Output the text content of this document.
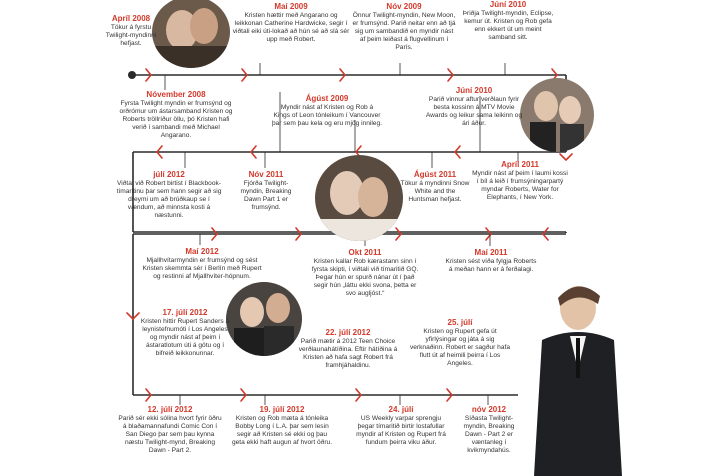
Apríl 2008
Tökur á fyrstu Twilight-myndinni hefjast.
Maí 2009
Kristen hættir með Angarano og leikkonan Catherine Hardwicke, segir í viðtali eiki úti-lokað að hún sé að slá sér upp með Robert.
Nóv 2009
Önnur Twilight-myndin, New Moon, er frumsýnd. Parið neitar enn að tjá sig um sambandið en myndir nást af þeim leiðast á flugvellinum í París.
Júní 2010
Þriðja Twilight-myndin, Eclipse, kemur út. Kristen og Rob gefa enn ekkert út um meint samband sitt.
Nóvember 2008
Fyrsta Twilight myndin er frumsýnd og orðrómur um ástarsamband Kristen og Roberts tröllríður öllu, þó Kristen hafi verið í sambandi með Michael Angarano.
Ágúst 2009
Myndir nást af Kristen og Rob á Kings of Leon tónleikum í Vancouver þar sem þau kela og eru mjög innileg.
Júní 2010
Parið vinnur aftur verðlaun fyrir besta kossinn á MTV Movie Awards og leikur sama leikinn og ári áður.
júlí 2012
Viðtal við Robert birtist í Blackbook-tímaritinu þar sem hann segir að sig dreymi um að brúðkaup se í vændum, að minnsta kosti á næstunni.
Nóv 2011
Fjórða Twilight-myndin, Breaking Dawn Part 1 er frumsýnd.
Ágúst 2011
Tökur á myndinni Snow White and the Huntsman hefjast.
Apríl 2011
Myndir nást af þeim í laumi kossi í bíl á leið í frumsýningarpartý myndar Roberts, Water for Elephants, í New York.
Maí 2012
Mjallhvítarmyndin er frumsýnd og sést Kristen skemmta sér í Berlín með Rupert og restinni af Mjallhvíter-hópnum.
Okt 2011
Kristen kallar Rob kærastann sinn í fyrsta skipti, í viðtali við tímaritið GQ. Þegar hún er spurð nánar út í það segir hún „láttu ekki svona, þetta er svo augljóst.“
Maí 2011
Kristen sést víða fylgja Roberts á meðan hann er á ferðalagi.
17. júlí 2012
Kristen hittir Rupert Sanders á leynistefnumóti í Los Angeles og myndir nást af þeim í ástaratlotum úti á götu og í bifreið leikkonunnar.
22. júlí 2012
Parið mætir á 2012 Teen Choice verðlaunahátíðina. Eftir hátíðina á Kristen að hafa sagt Robert frá framhjáhaldinu.
25. júlí
Kristen og Rupert gefa út yfirlýsingar og játa á sig verknaðinn. Robert er sagður hafa flutt út af heimili þeirra í Los Angeles.
12. júlí 2012
Parið sér ekki sólina hvort fyrir öðru á blaðamannafundi Comic Con í San Diego þar sem þau kynna næstu Twilight-mynd, Breaking Dawn - Part 2.
19. júlí 2012
Kristen og Rob mæta á tónleika Bobby Long í L.A. þar sem lesin segir að Kristen sé ekki og þau geta ekki haft augun af hvort öðru.
24. júlí
US Weekly varpar sprengju þegar tímaritið birtir lostafullar myndir af Kristen og Rupert frá fundum þeirra viku áður.
nóv 2012
Síðasta Twilight-myndin, Breaking Dawn - Part 2 er væntanleg í kvikmyndahús.
